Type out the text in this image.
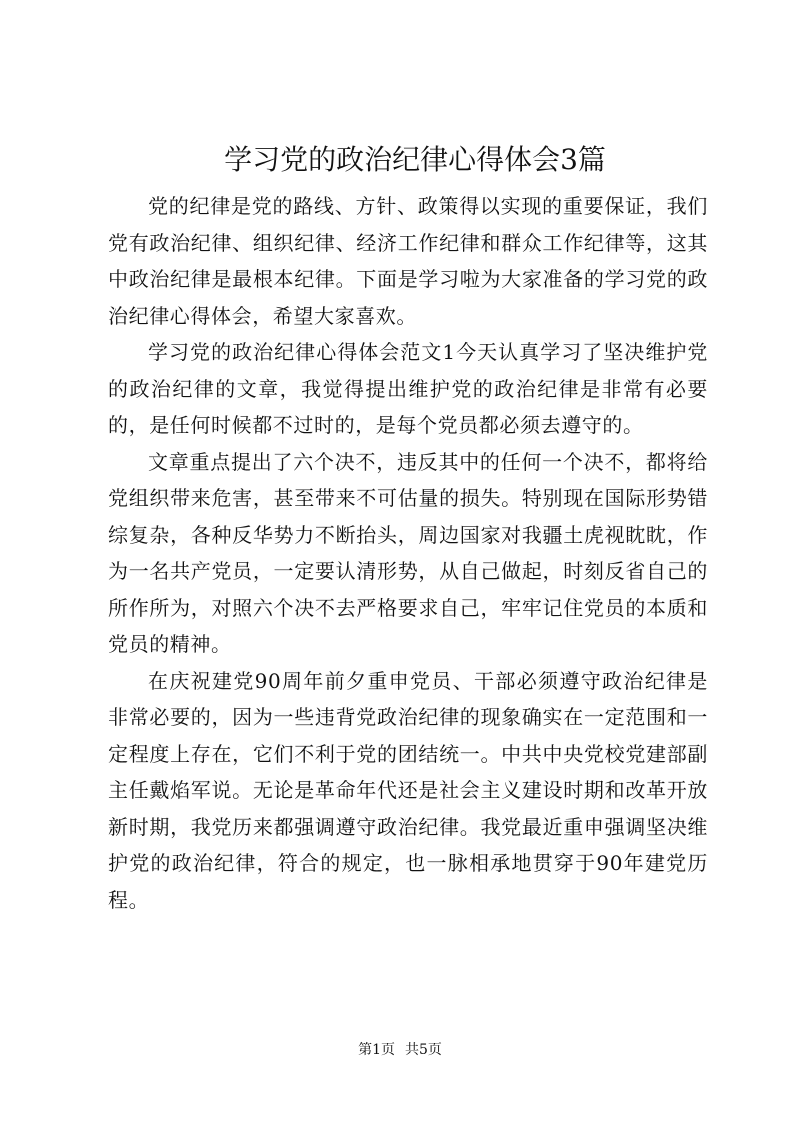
学习党的政治纪律心得体会3篇

党的纪律是党的路线、方针、政策得以实现的重要保证，我们党有政治纪律、组织纪律、经济工作纪律和群众工作纪律等，这其中政治纪律是最根本纪律。下面是学习啦为大家准备的学习党的政治纪律心得体会，希望大家喜欢。

学习党的政治纪律心得体会范文1今天认真学习了坚决维护党的政治纪律的文章，我觉得提出维护党的政治纪律是非常有必要的，是任何时候都不过时的，是每个党员都必须去遵守的。

文章重点提出了六个决不，违反其中的任何一个决不，都将给党组织带来危害，甚至带来不可估量的损失。特别现在国际形势错综复杂，各种反华势力不断抬头，周边国家对我疆土虎视眈眈，作为一名共产党员，一定要认清形势，从自己做起，时刻反省自己的所作所为，对照六个决不去严格要求自己，牢牢记住党员的本质和党员的精神。

在庆祝建党90周年前夕重申党员、干部必须遵守政治纪律是非常必要的，因为一些违背党政治纪律的现象确实在一定范围和一定程度上存在，它们不利于党的团结统一。中共中央党校党建部副主任戴焰军说。无论是革命年代还是社会主义建设时期和改革开放新时期，我党历来都强调遵守政治纪律。我党最近重申强调坚决维护党的政治纪律，符合的规定，也一脉相承地贯穿于90年建党历程。

第1页 共5页
